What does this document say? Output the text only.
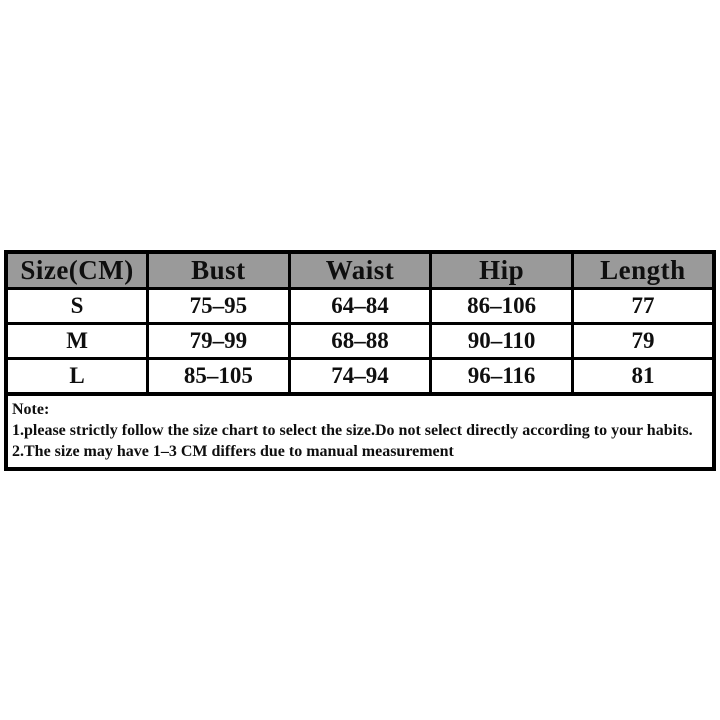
Size(CM)	Bust	Waist	Hip	Length
S	75–95	64–84	86–106	77
M	79–99	68–88	90–110	79
L	85–105	74–94	96–116	81
Note:
1.please strictly follow the size chart to select the size.Do not select directly according to your habits.
2.The size may have 1–3 CM differs due to manual measurement
